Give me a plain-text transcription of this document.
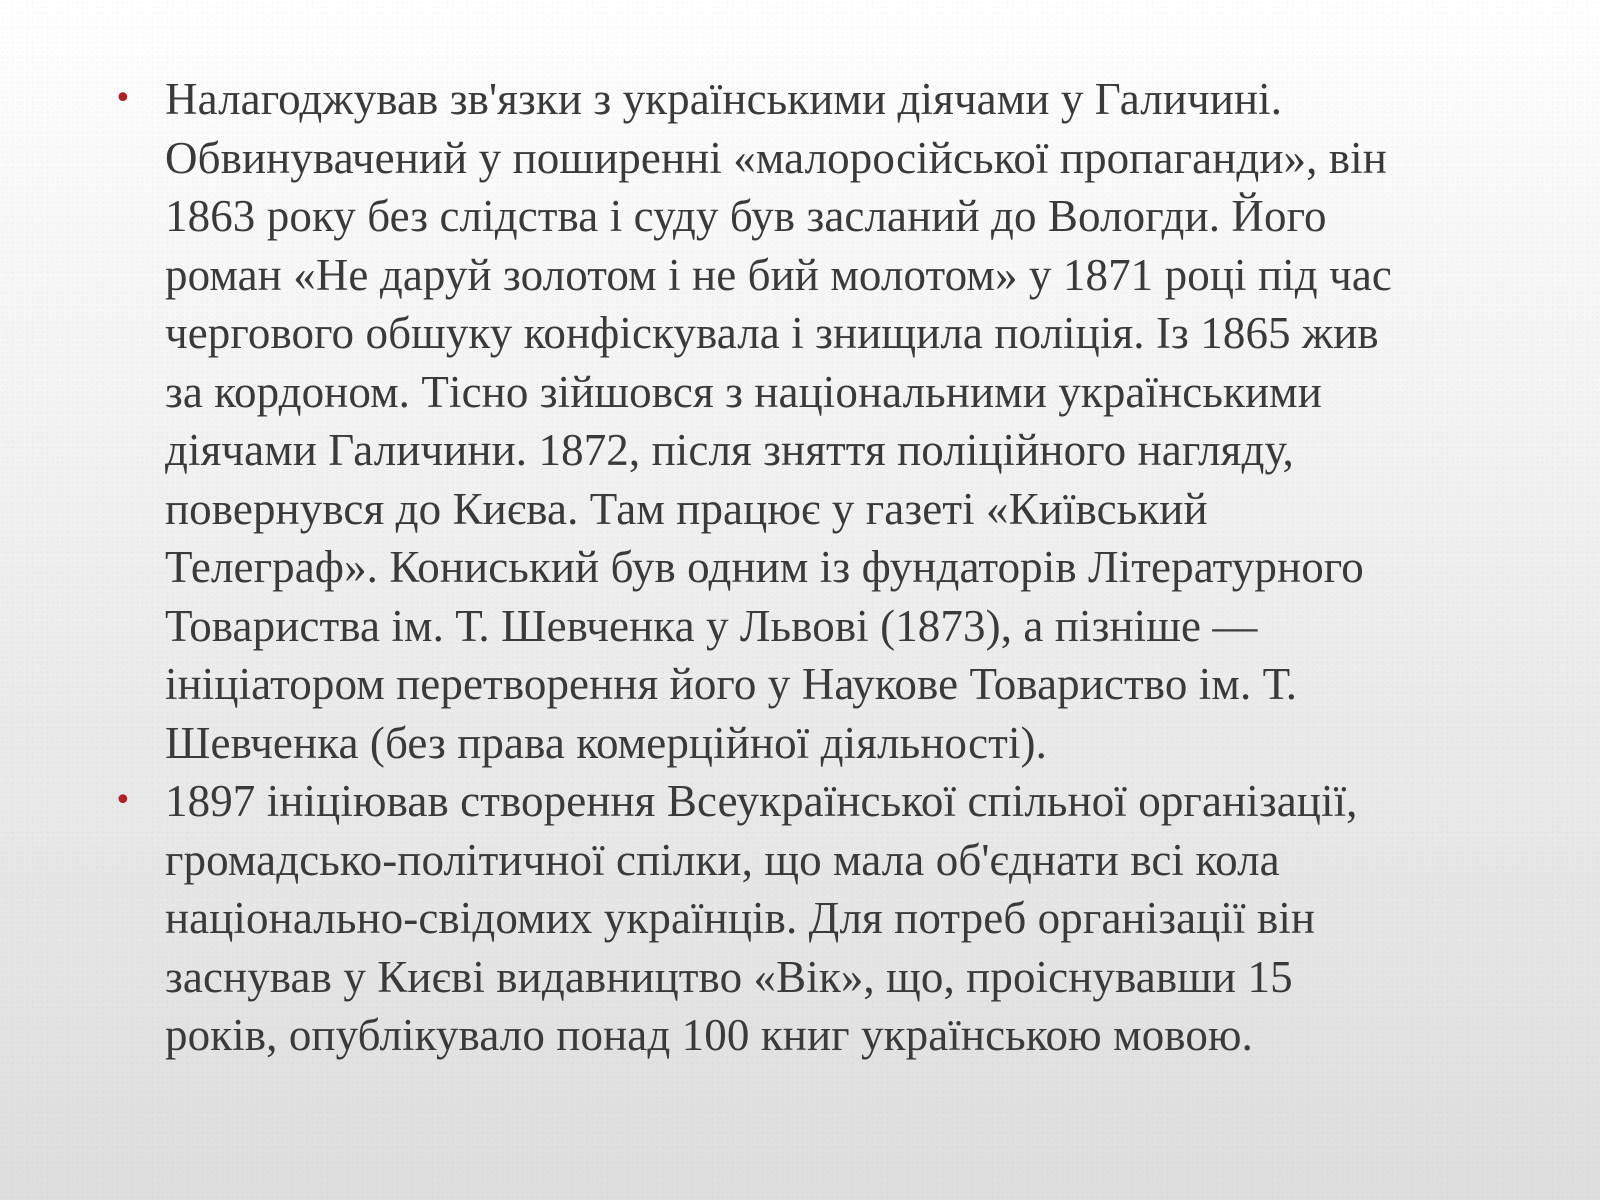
• Налагоджував зв'язки з українськими діячами у Галичині.
Обвинувачений у поширенні «малоросійської пропаганди», він
1863 року без слідства і суду був засланий до Вологди. Його
роман «Не даруй золотом і не бий молотом» у 1871 році під час
чергового обшуку конфіскувала і знищила поліція. Із 1865 жив
за кордоном. Тісно зійшовся з національними українськими
діячами Галичини. 1872, після зняття поліційного нагляду,
повернувся до Києва. Там працює у газеті «Київський
Телеграф». Кониський був одним із фундаторів Літературного
Товариства ім. Т. Шевченка у Львові (1873), а пізніше —
ініціатором перетворення його у Наукове Товариство ім. Т.
Шевченка (без права комерційної діяльності).
• 1897 ініціював створення Всеукраїнської спільної організації,
громадсько-політичної спілки, що мала об'єднати всі кола
національно-свідомих українців. Для потреб організації він
заснував у Києві видавництво «Вік», що, проіснувавши 15
років, опублікувало понад 100 книг українською мовою.
